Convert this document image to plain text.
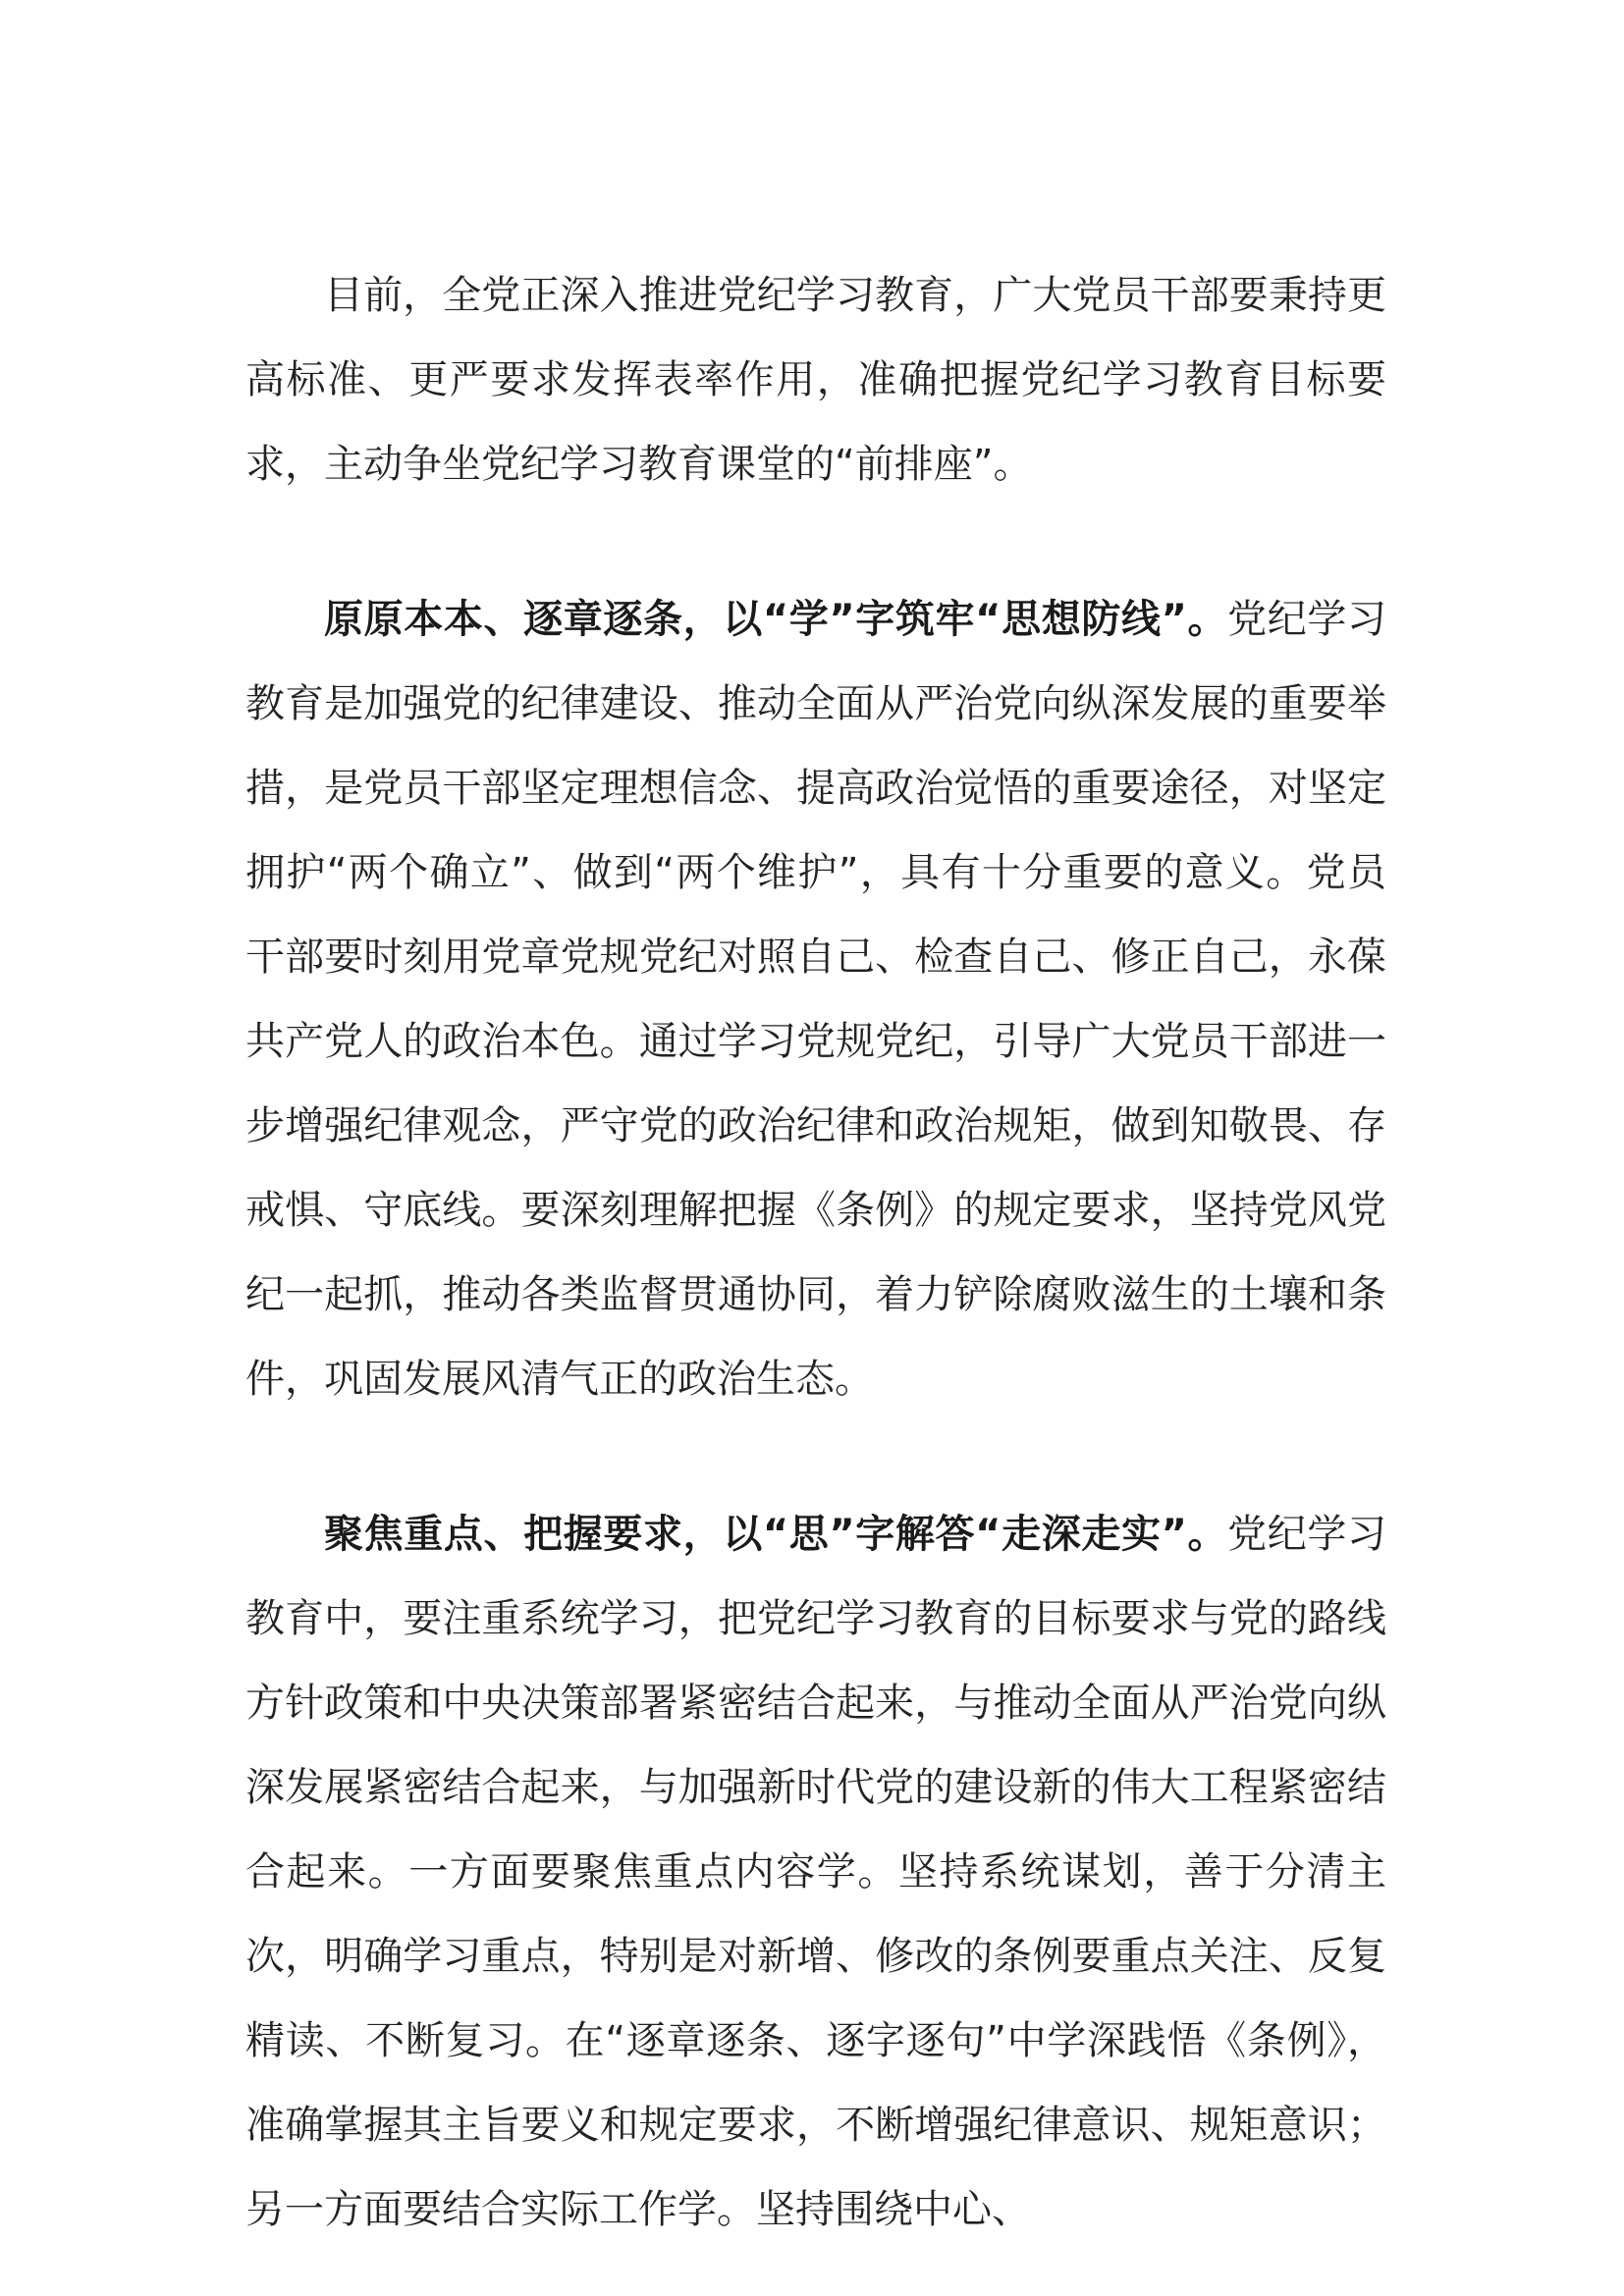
目前，全党正深入推进党纪学习教育，广大党员干部要秉持更高标准、更严要求发挥表率作用，准确把握党纪学习教育目标要求，主动争坐党纪学习教育课堂的“前排座”。

原原本本、逐章逐条，以“学”字筑牢“思想防线”。党纪学习教育是加强党的纪律建设、推动全面从严治党向纵深发展的重要举措，是党员干部坚定理想信念、提高政治觉悟的重要途径，对坚定拥护“两个确立”、做到“两个维护”，具有十分重要的意义。党员干部要时刻用党章党规党纪对照自己、检查自己、修正自己，永葆共产党人的政治本色。通过学习党规党纪，引导广大党员干部进一步增强纪律观念，严守党的政治纪律和政治规矩，做到知敬畏、存戒惧、守底线。要深刻理解把握《条例》的规定要求，坚持党风党纪一起抓，推动各类监督贯通协同，着力铲除腐败滋生的土壤和条件，巩固发展风清气正的政治生态。

聚焦重点、把握要求，以“思”字解答“走深走实”。党纪学习教育中，要注重系统学习，把党纪学习教育的目标要求与党的路线方针政策和中央决策部署紧密结合起来，与推动全面从严治党向纵深发展紧密结合起来，与加强新时代党的建设新的伟大工程紧密结合起来。一方面要聚焦重点内容学。坚持系统谋划，善于分清主次，明确学习重点，特别是对新增、修改的条例要重点关注、反复精读、不断复习。在“逐章逐条、逐字逐句”中学深践悟《条例》，准确掌握其主旨要义和规定要求，不断增强纪律意识、规矩意识；另一方面要结合实际工作学。坚持围绕中心、
